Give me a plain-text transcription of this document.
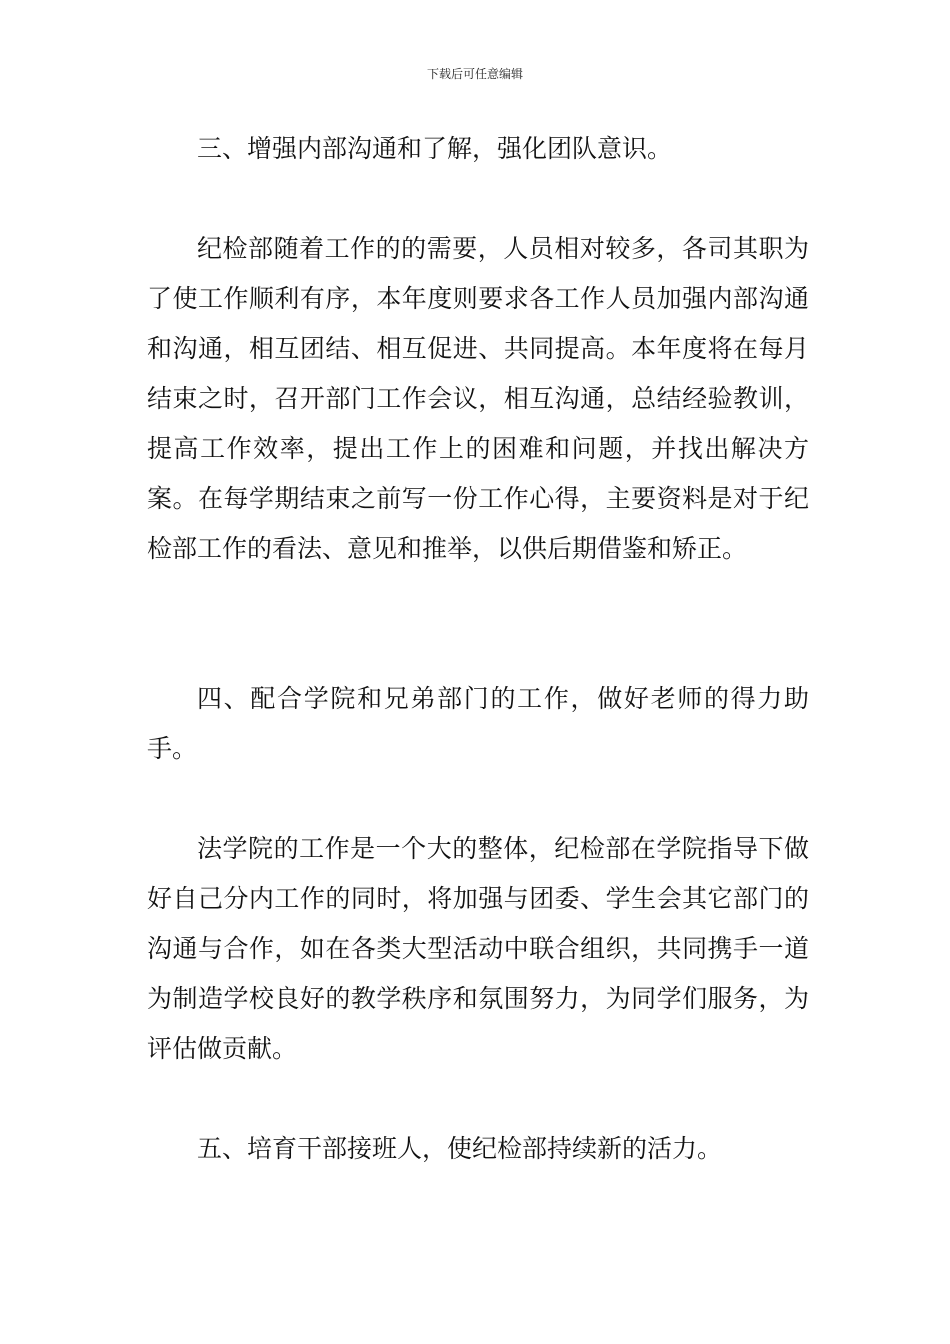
下载后可任意编辑

三、增强内部沟通和了解，强化团队意识。

纪检部随着工作的的需要，人员相对较多，各司其职为了使工作顺利有序，本年度则要求各工作人员加强内部沟通和沟通，相互团结、相互促进、共同提高。本年度将在每月结束之时，召开部门工作会议，相互沟通，总结经验教训，提高工作效率，提出工作上的困难和问题，并找出解决方案。在每学期结束之前写一份工作心得，主要资料是对于纪检部工作的看法、意见和推举，以供后期借鉴和矫正。

四、配合学院和兄弟部门的工作，做好老师的得力助手。

法学院的工作是一个大的整体，纪检部在学院指导下做好自己分内工作的同时，将加强与团委、学生会其它部门的沟通与合作，如在各类大型活动中联合组织，共同携手一道为制造学校良好的教学秩序和氛围努力，为同学们服务，为评估做贡献。

五、培育干部接班人，使纪检部持续新的活力。
